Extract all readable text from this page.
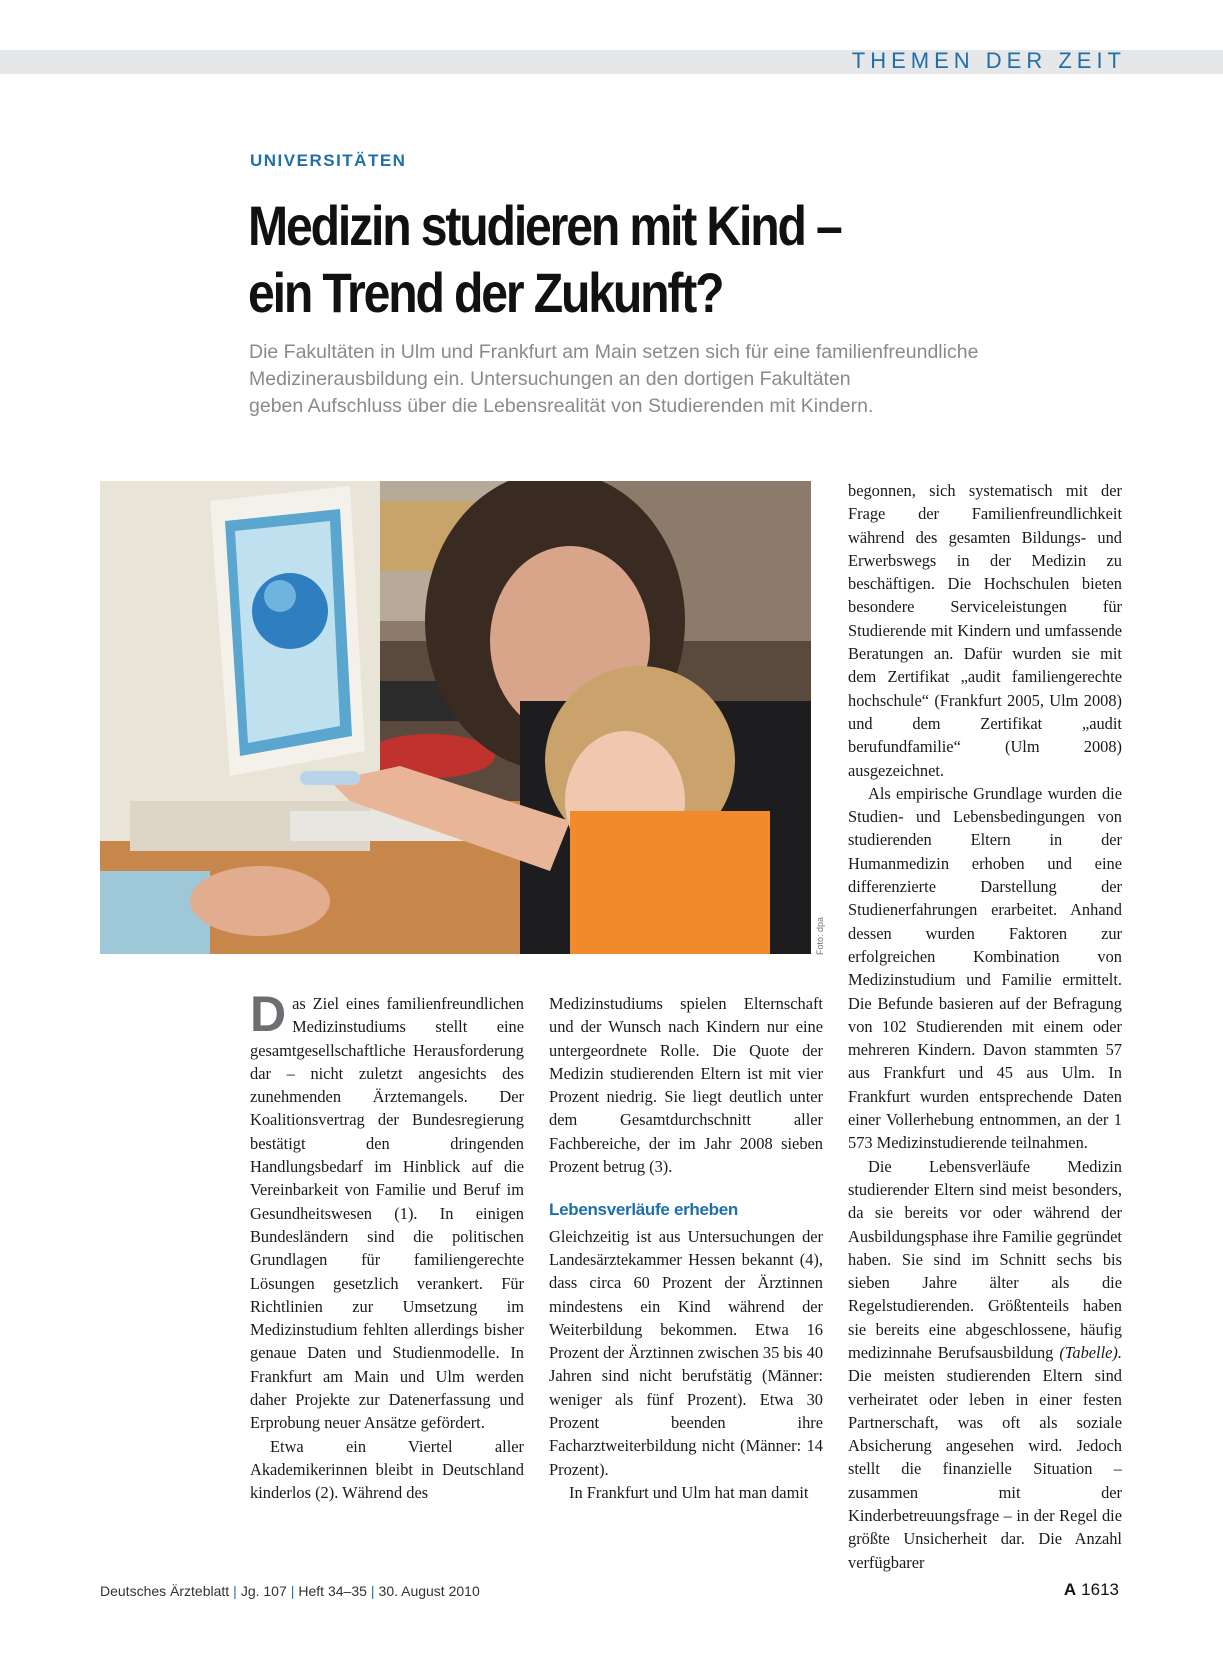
THEMEN DER ZEIT
UNIVERSITÄTEN
Medizin studieren mit Kind –
ein Trend der Zukunft?
Die Fakultäten in Ulm und Frankfurt am Main setzen sich für eine familienfreundliche
Medizinerausbildung ein. Untersuchungen an den dortigen Fakultäten
geben Aufschluss über die Lebensrealität von Studierenden mit Kindern.
Foto: dpa

Das Ziel eines familienfreundlichen Medizinstudiums stellt eine gesamtgesellschaftliche Herausforderung dar – nicht zuletzt angesichts des zunehmenden Ärztemangels. Der Koalitionsvertrag der Bundesregierung bestätigt den dringenden Handlungsbedarf im Hinblick auf die Vereinbarkeit von Familie und Beruf im Gesundheitswesen (1). In einigen Bundesländern sind die politischen Grundlagen für familiengerechte Lösungen gesetzlich verankert. Für Richtlinien zur Umsetzung im Medizinstudium fehlten allerdings bisher genaue Daten und Studienmodelle. In Frankfurt am Main und Ulm werden daher Projekte zur Datenerfassung und Erprobung neuer Ansätze gefördert.

Etwa ein Viertel aller Akademikerinnen bleibt in Deutschland kinderlos (2). Während des

Medizinstudiums spielen Elternschaft und der Wunsch nach Kindern nur eine untergeordnete Rolle. Die Quote der Medizin studierenden Eltern ist mit vier Prozent niedrig. Sie liegt deutlich unter dem Gesamtdurchschnitt aller Fachbereiche, der im Jahr 2008 sieben Prozent betrug (3).

Lebensverläufe erheben

Gleichzeitig ist aus Untersuchungen der Landesärztekammer Hessen bekannt (4), dass circa 60 Prozent der Ärztinnen mindestens ein Kind während der Weiterbildung bekommen. Etwa 16 Prozent der Ärztinnen zwischen 35 bis 40 Jahren sind nicht berufstätig (Männer: weniger als fünf Prozent). Etwa 30 Prozent beenden ihre Facharztweiterbildung nicht (Männer: 14 Prozent).

In Frankfurt und Ulm hat man damit

begonnen, sich systematisch mit der Frage der Familienfreundlichkeit während des gesamten Bildungs- und Erwerbswegs in der Medizin zu beschäftigen. Die Hochschulen bieten besondere Serviceleistungen für Studierende mit Kindern und umfassende Beratungen an. Dafür wurden sie mit dem Zertifikat „audit familiengerechte hochschule“ (Frankfurt 2005, Ulm 2008) und dem Zertifikat „audit berufundfamilie“ (Ulm 2008) ausgezeichnet.

Als empirische Grundlage wurden die Studien- und Lebensbedingungen von studierenden Eltern in der Humanmedizin erhoben und eine differenzierte Darstellung der Studienerfahrungen erarbeitet. Anhand dessen wurden Faktoren zur erfolgreichen Kombination von Medizinstudium und Familie ermittelt. Die Befunde basieren auf der Befragung von 102 Studierenden mit einem oder mehreren Kindern. Davon stammten 57 aus Frankfurt und 45 aus Ulm. In Frankfurt wurden entsprechende Daten einer Vollerhebung entnommen, an der 1 573 Medizinstudierende teilnahmen.

Die Lebensverläufe Medizin studierender Eltern sind meist besonders, da sie bereits vor oder während der Ausbildungsphase ihre Familie gegründet haben. Sie sind im Schnitt sechs bis sieben Jahre älter als die Regelstudierenden. Größtenteils haben sie bereits eine abgeschlossene, häufig medizinnahe Berufsausbildung (Tabelle). Die meisten studierenden Eltern sind verheiratet oder leben in einer festen Partnerschaft, was oft als soziale Absicherung angesehen wird. Jedoch stellt die finanzielle Situation – zusammen mit der Kinderbetreuungsfrage – in der Regel die größte Unsicherheit dar. Die Anzahl verfügbarer

Deutsches Ärzteblatt | Jg. 107 | Heft 34–35 | 30. August 2010	A 1613
